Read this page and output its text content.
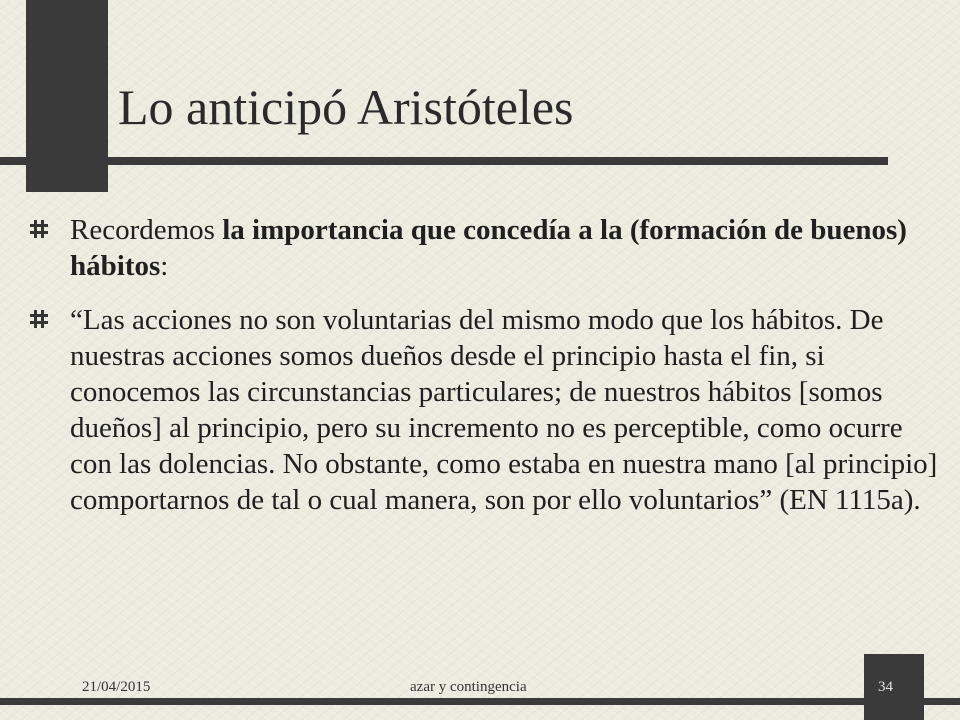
Lo anticipó Aristóteles
Recordemos la importancia que concedía a la (formación de buenos) hábitos:
“Las acciones no son voluntarias del mismo modo que los hábitos. De nuestras acciones somos dueños desde el principio hasta el fin, si conocemos las circunstancias particulares; de nuestros hábitos [somos dueños] al principio, pero su incremento no es perceptible, como ocurre con las dolencias. No obstante, como estaba en nuestra mano [al principio] comportarnos de tal o cual manera, son por ello voluntarios” (EN 1115a).
21/04/2015	azar y contingencia	34
